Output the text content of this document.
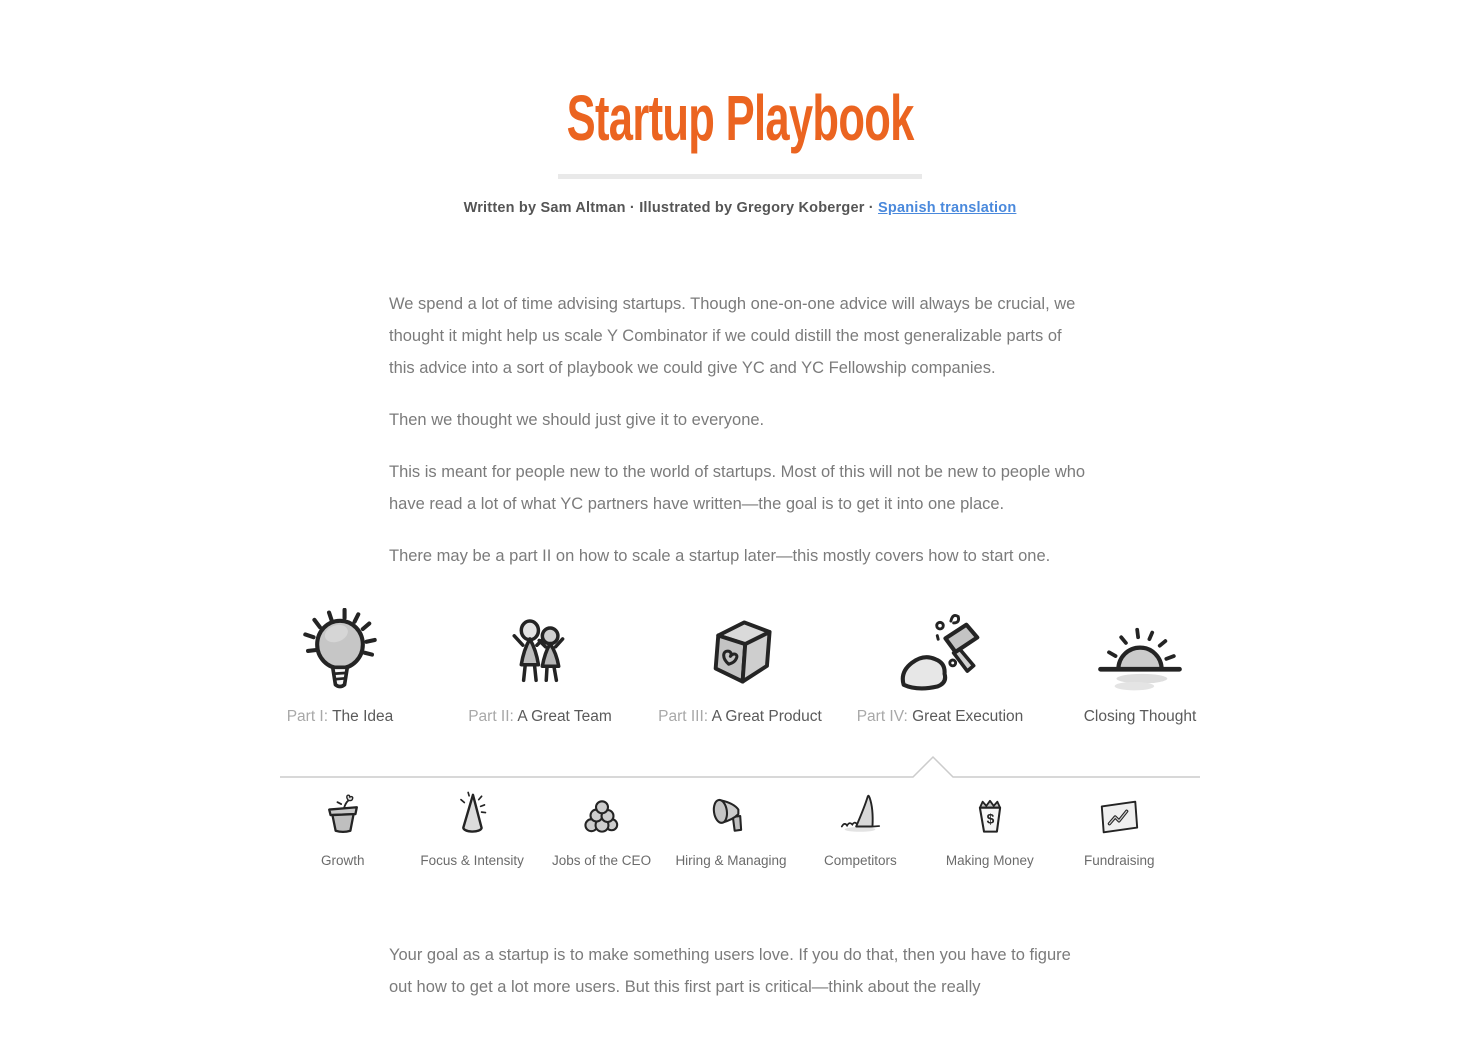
Startup Playbook

Written by Sam Altman · Illustrated by Gregory Koberger · Spanish translation

We spend a lot of time advising startups. Though one-on-one advice will always be crucial, we thought it might help us scale Y Combinator if we could distill the most generalizable parts of this advice into a sort of playbook we could give YC and YC Fellowship companies.

Then we thought we should just give it to everyone.

This is meant for people new to the world of startups. Most of this will not be new to people who have read a lot of what YC partners have written—the goal is to get it into one place.

There may be a part II on how to scale a startup later—this mostly covers how to start one.

Part I: The Idea	Part II: A Great Team	Part III: A Great Product Part IV: Great Execution	Closing Thought
Growth	Focus & Intensity Jobs of the CEO Hiring & Managing	Competitors
$
Making Money	Fundraising

Your goal as a startup is to make something users love. If you do that, then you have to figure out how to get a lot more users. But this first part is critical—think about the really
